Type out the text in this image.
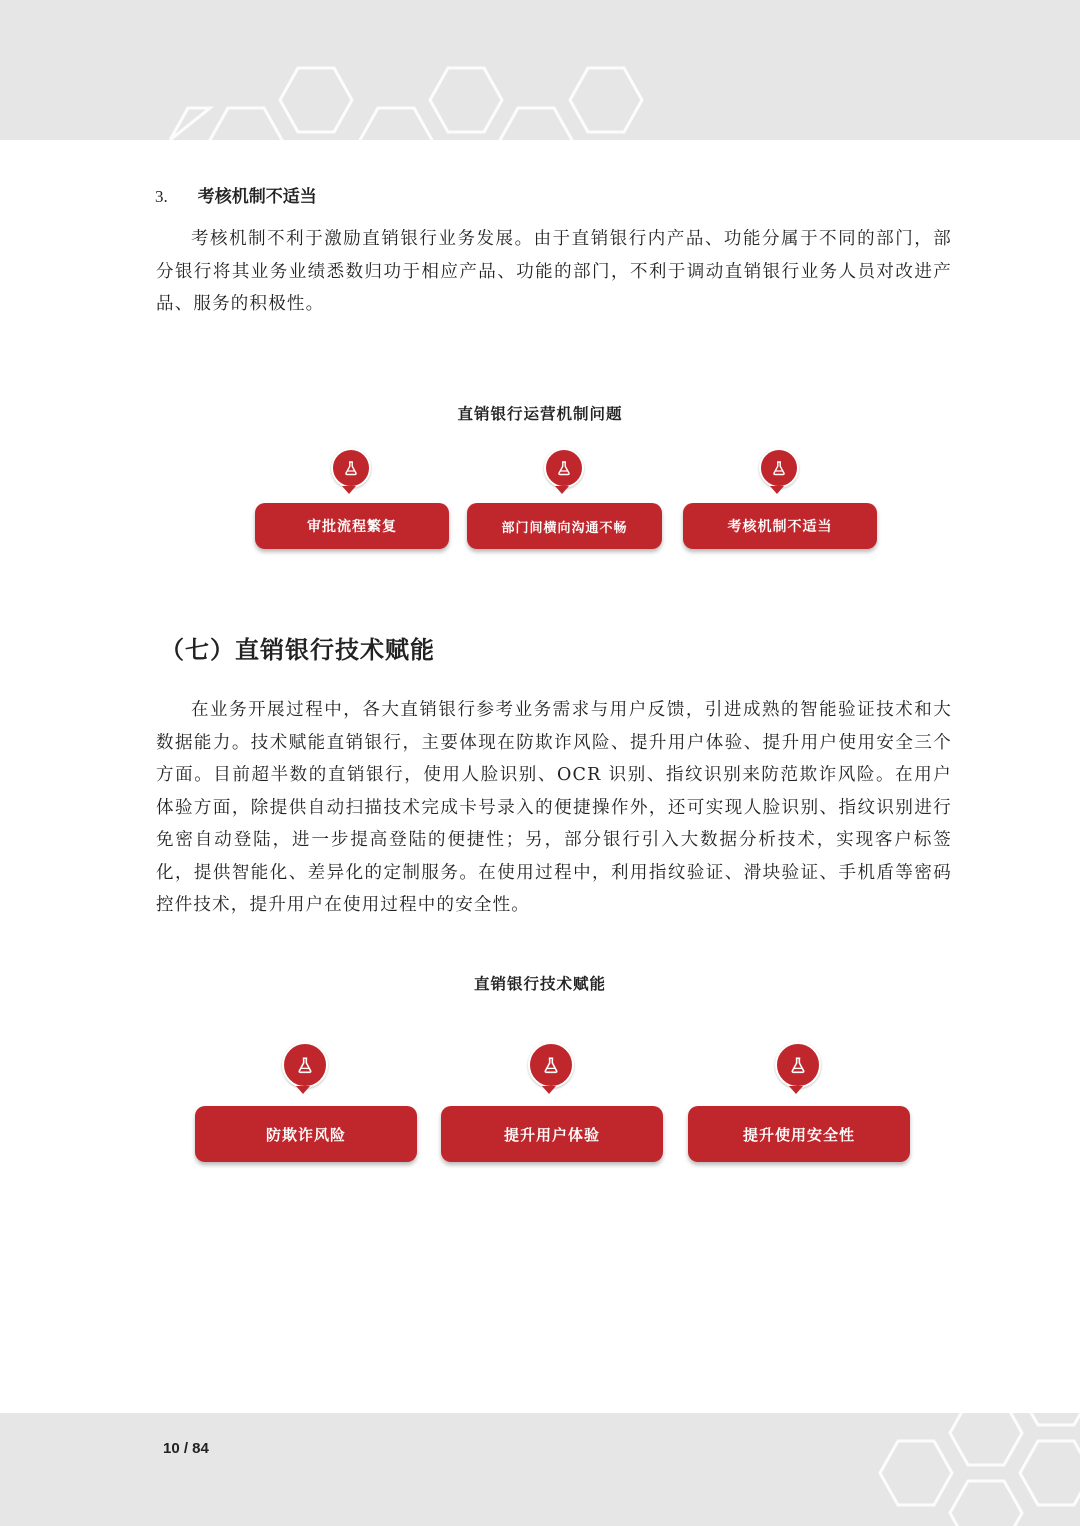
3. 考核机制不适当

考核机制不利于激励直销银行业务发展。由于直销银行内产品、功能分属于不同的部门，部分银行将其业务业绩悉数归功于相应产品、功能的部门，不利于调动直销银行业务人员对改进产品、服务的积极性。

直销银行运营机制问题
审批流程繁复	部门间横向沟通不畅	考核机制不适当
（七）直销银行技术赋能

在业务开展过程中，各大直销银行参考业务需求与用户反馈，引进成熟的智能验证技术和大数据能力。技术赋能直销银行，主要体现在防欺诈风险、提升用户体验、提升用户使用安全三个方面。目前超半数的直销银行，使用人脸识别、OCR 识别、指纹识别来防范欺诈风险。在用户体验方面，除提供自动扫描技术完成卡号录入的便捷操作外，还可实现人脸识别、指纹识别进行免密自动登陆，进一步提高登陆的便捷性；另，部分银行引入大数据分析技术，实现客户标签化，提供智能化、差异化的定制服务。在使用过程中，利用指纹验证、滑块验证、手机盾等密码控件技术，提升用户在使用过程中的安全性。

直销银行技术赋能
防欺诈风险	提升用户体验	提升使用安全性
10 / 84
